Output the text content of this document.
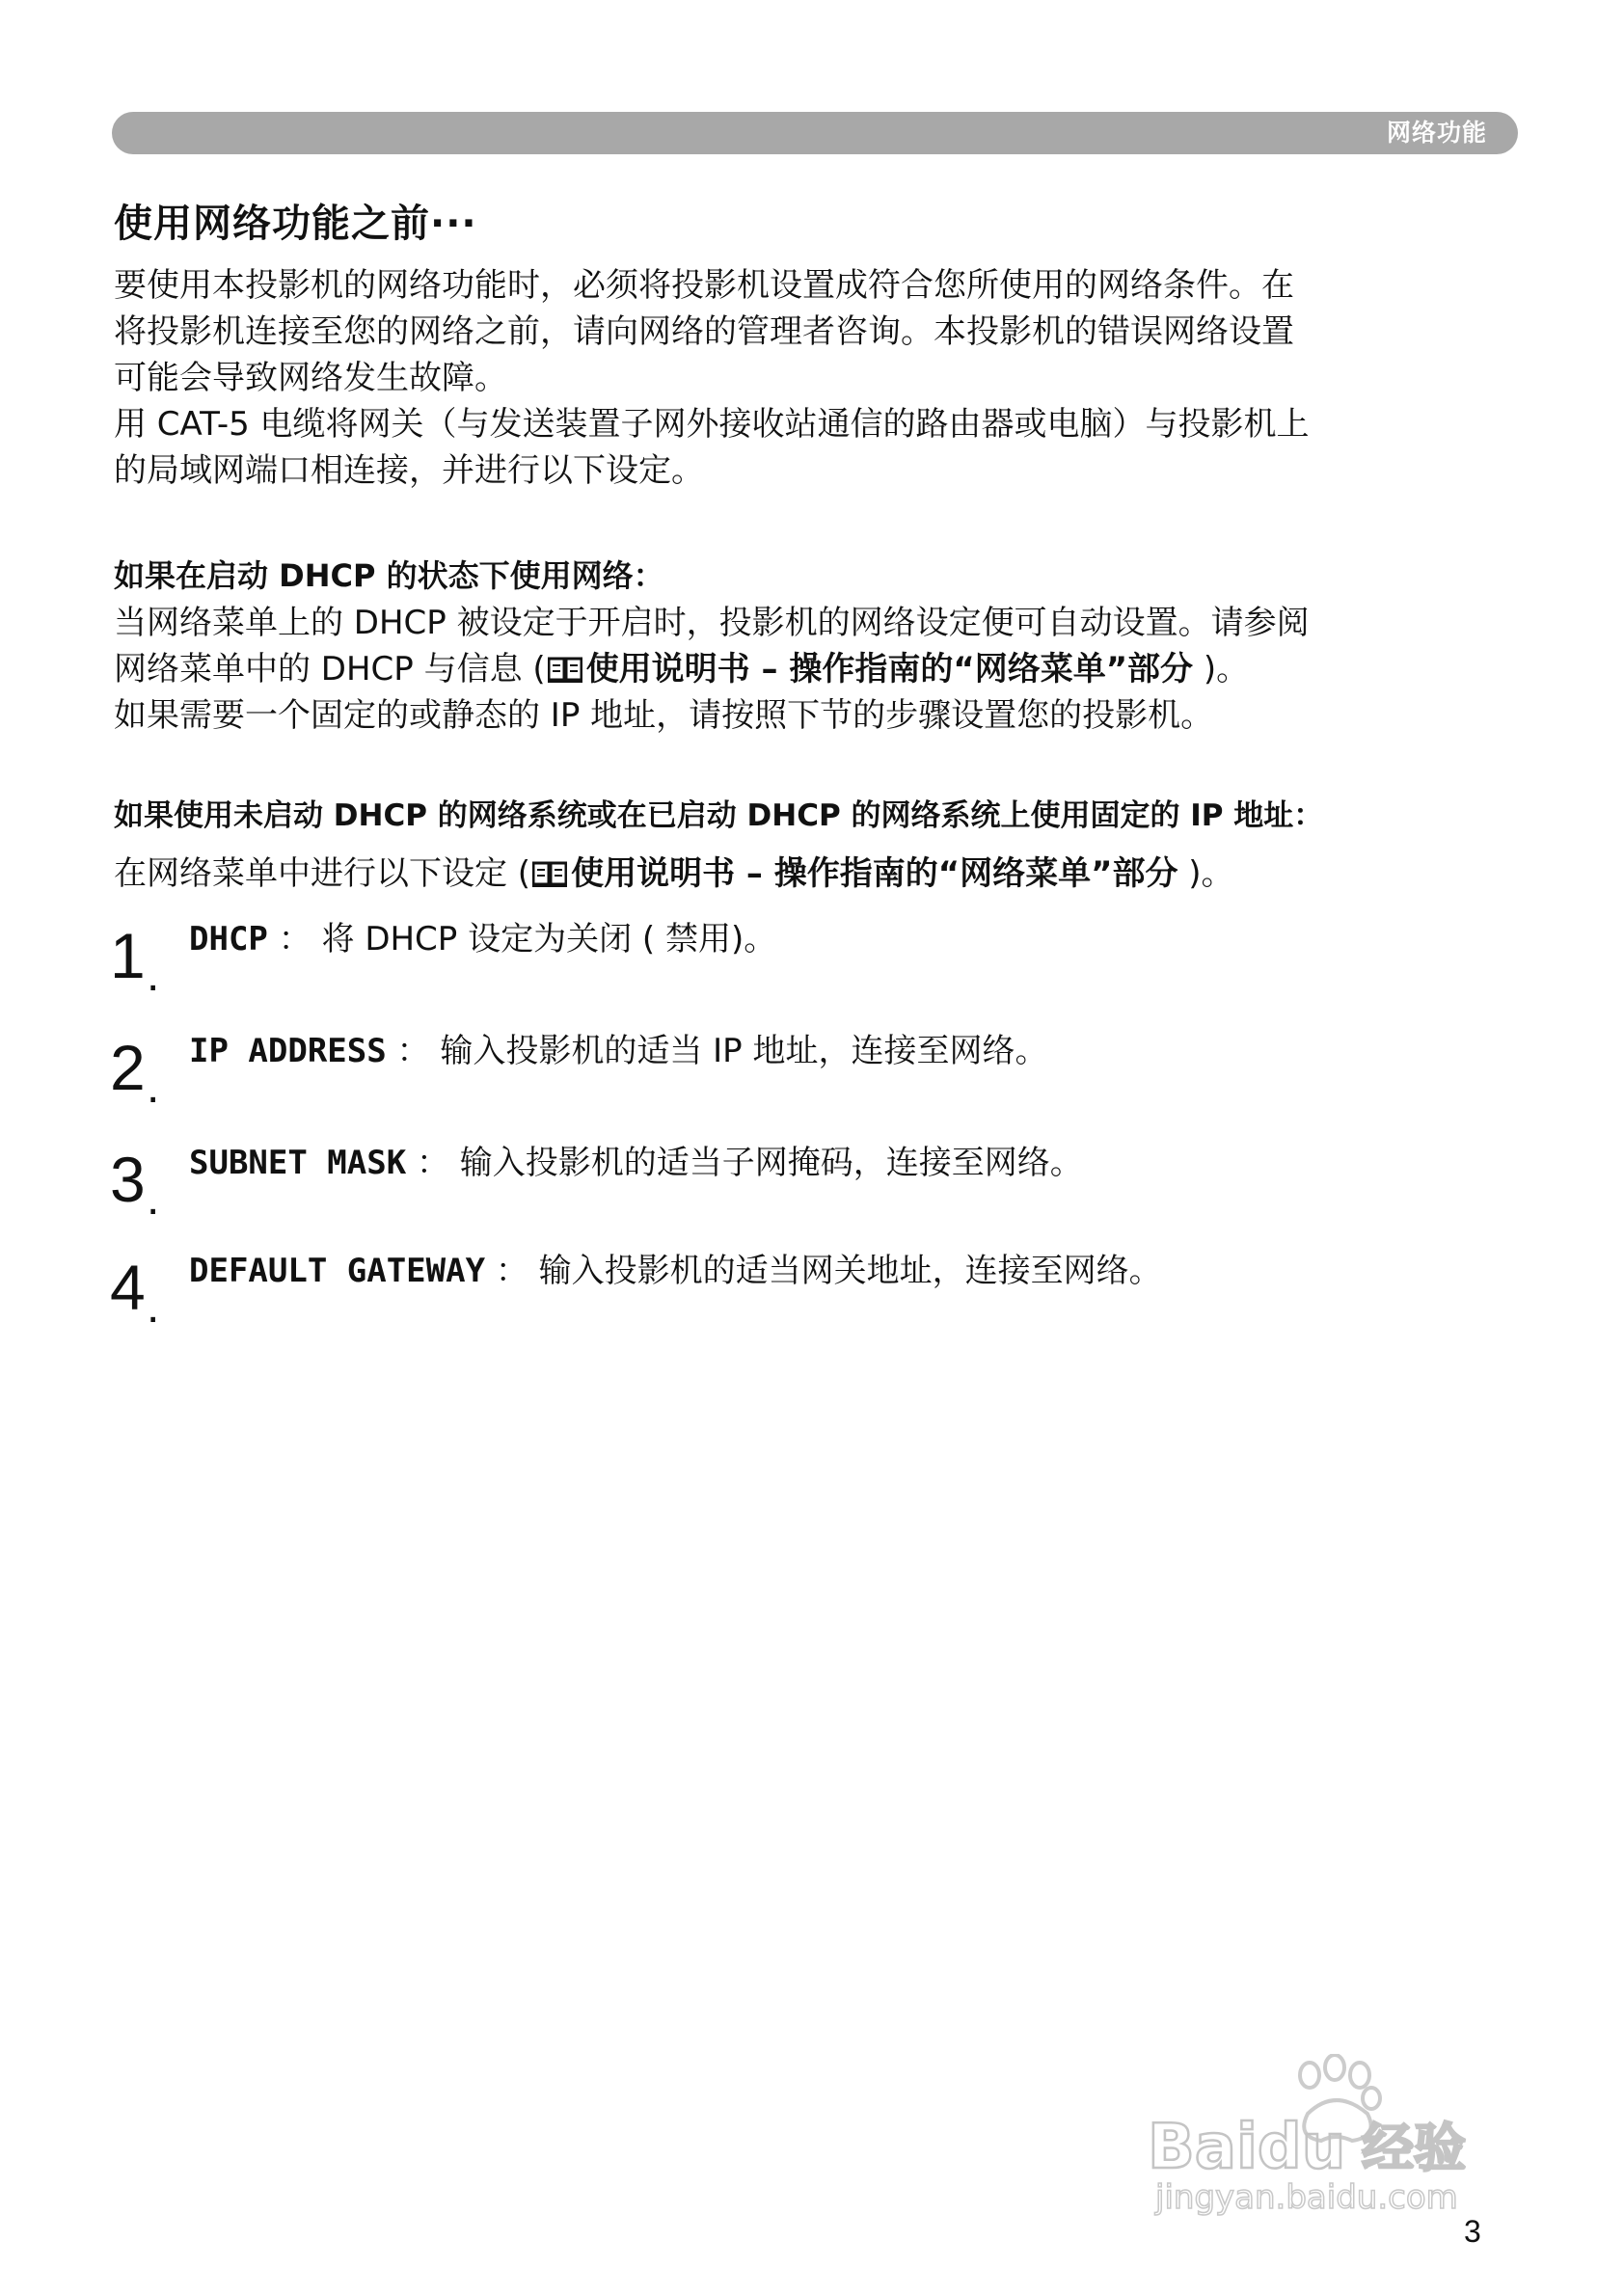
网络功能
使用网络功能之前···

要使用本投影机的网络功能时，必须将投影机设置成符合您所使用的网络条件。在

将投影机连接至您的网络之前，请向网络的管理者咨询。本投影机的错误网络设置

可能会导致网络发生故障。

用 CAT-5 电缆将网关（与发送装置子网外接收站通信的路由器或电脑）与投影机上

的局域网端口相连接，并进行以下设定。

如果在启动 DHCP 的状态下使用网络：

当网络菜单上的 DHCP 被设定于开启时，投影机的网络设定便可自动设置。请参阅

网络菜单中的 DHCP 与信息 ( 使用说明书 – 操作指南的“网络菜单”部分 )。

如果需要一个固定的或静态的 IP 地址，请按照下节的步骤设置您的投影机。

如果使用未启动 DHCP 的网络系统或在已启动 DHCP 的网络系统上使用固定的 IP 地址：

在网络菜单中进行以下设定 ( 使用说明书 – 操作指南的“网络菜单”部分 )。

1 .
DHCP ： 将 DHCP 设定为关闭 ( 禁用)。
2 .
IP ADDRESS ： 输入投影机的适当 IP 地址，连接至网络。
3 .
SUBNET MASK ： 输入投影机的适当子网掩码，连接至网络。
4 .
DEFAULT GATEWAY ： 输入投影机的适当网关地址，连接至网络。
Baidu 经验
jingyan.baidu.com
3
